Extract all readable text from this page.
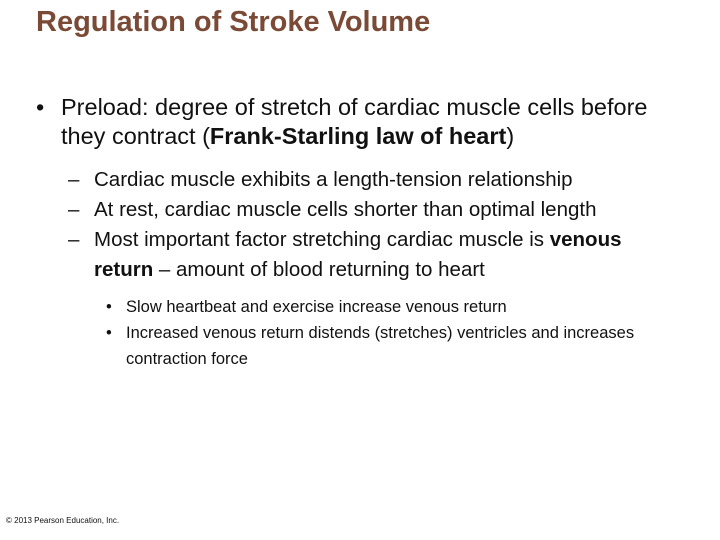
Regulation of Stroke Volume

• Preload: degree of stretch of cardiac muscle cells before they contract (Frank-Starling law of heart)

– Cardiac muscle exhibits a length-tension relationship
– At rest, cardiac muscle cells shorter than optimal length
– Most important factor stretching cardiac muscle is venous return – amount of blood returning to heart
• Slow heartbeat and exercise increase venous return
• Increased venous return distends (stretches) ventricles and increases contraction force
© 2013 Pearson Education, Inc.
